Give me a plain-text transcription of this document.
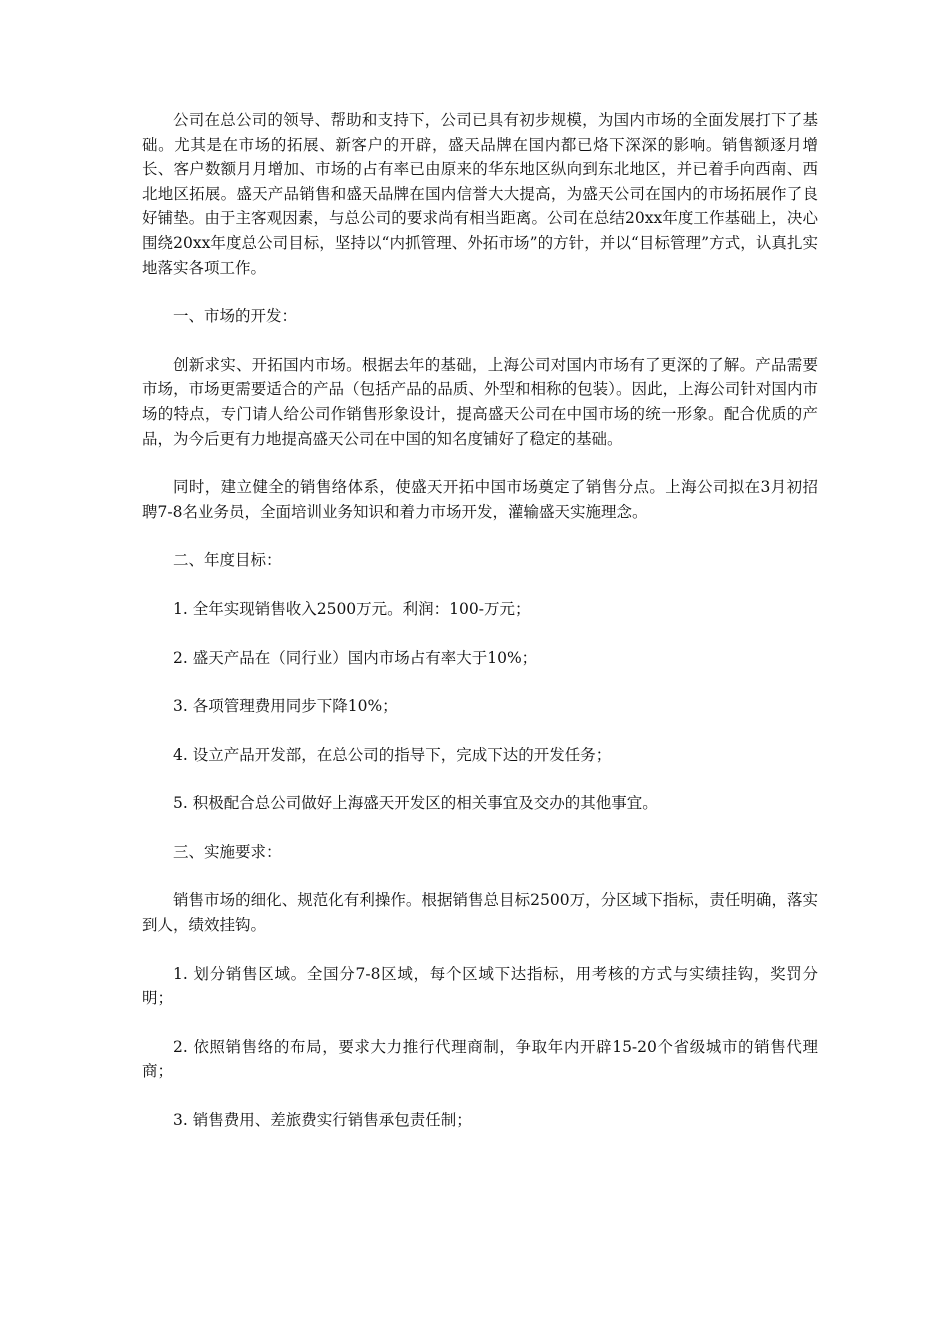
公司在总公司的领导、帮助和支持下，公司已具有初步规模，为国内市场的全面发展打下了基础。尤其是在市场的拓展、新客户的开辟，盛天品牌在国内都已烙下深深的影响。销售额逐月增长、客户数额月月增加、市场的占有率已由原来的华东地区纵向到东北地区，并已着手向西南、西北地区拓展。盛天产品销售和盛天品牌在国内信誉大大提高，为盛天公司在国内的市场拓展作了良好铺垫。由于主客观因素，与总公司的要求尚有相当距离。公司在总结20xx年度工作基础上，决心围绕20xx年度总公司目标，坚持以“内抓管理、外拓市场”的方针，并以“目标管理”方式，认真扎实地落实各项工作。

一、市场的开发：

创新求实、开拓国内市场。根据去年的基础，上海公司对国内市场有了更深的了解。产品需要市场，市场更需要适合的产品（包括产品的品质、外型和相称的包装）。因此，上海公司针对国内市场的特点，专门请人给公司作销售形象设计，提高盛天公司在中国市场的统一形象。配合优质的产品，为今后更有力地提高盛天公司在中国的知名度铺好了稳定的基础。

同时，建立健全的销售络体系，使盛天开拓中国市场奠定了销售分点。上海公司拟在3月初招聘7-8名业务员，全面培训业务知识和着力市场开发，灌输盛天实施理念。

二、年度目标：

1. 全年实现销售收入2500万元。利润：100-万元；

2. 盛天产品在（同行业）国内市场占有率大于10%；

3. 各项管理费用同步下降10%；

4. 设立产品开发部，在总公司的指导下，完成下达的开发任务；

5. 积极配合总公司做好上海盛天开发区的相关事宜及交办的其他事宜。

三、实施要求：

销售市场的细化、规范化有利操作。根据销售总目标2500万，分区域下指标，责任明确，落实到人，绩效挂钩。

1. 划分销售区域。全国分7-8区域，每个区域下达指标，用考核的方式与实绩挂钩，奖罚分明；

2. 依照销售络的布局，要求大力推行代理商制，争取年内开辟15-20个省级城市的销售代理商；

3. 销售费用、差旅费实行销售承包责任制；
